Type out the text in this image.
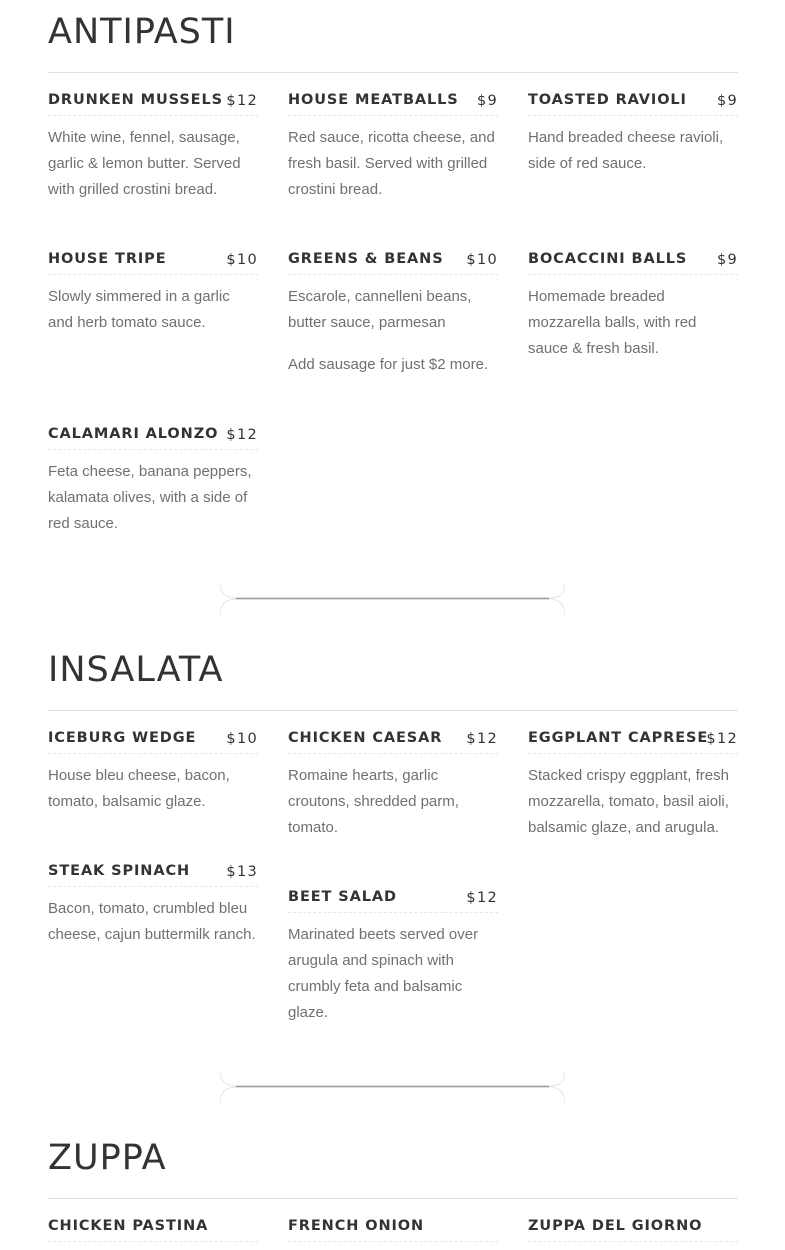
ANTIPASTI
DRUNKEN MUSSELS $12
White wine, fennel, sausage, garlic & lemon butter. Served with grilled crostini bread.
HOUSE MEATBALLS $9
Red sauce, ricotta cheese, and fresh basil. Served with grilled crostini bread.
TOASTED RAVIOLI $9
Hand breaded cheese ravioli, side of red sauce.
HOUSE TRIPE	$10
Slowly simmered in a garlic and herb tomato sauce.
GREENS & BEANS $10
Escarole, cannelleni beans, butter sauce, parmesan
Add sausage for just $2 more.
BOCACCINI BALLS $9
Homemade breaded mozzarella balls, with red sauce & fresh basil.
CALAMARI ALONZO $12
Feta cheese, banana peppers, kalamata olives, with a side of red sauce.
INSALATA
ICEBURG WEDGE $10
House bleu cheese, bacon, tomato, balsamic glaze.
CHICKEN CAESAR $12
Romaine hearts, garlic croutons, shredded parm, tomato.
EGGPLANT CAPRESE
$12
Stacked crispy eggplant, fresh mozzarella, tomato, basil aioli, balsamic glaze, and arugula.
STEAK SPINACH	$13
Bacon, tomato, crumbled bleu cheese, cajun buttermilk ranch.
BEET SALAD	$12
Marinated beets served over arugula and spinach with crumbly feta and balsamic glaze.
ZUPPA
CHICKEN PASTINA	FRENCH ONION	ZUPPA DEL GIORNO
